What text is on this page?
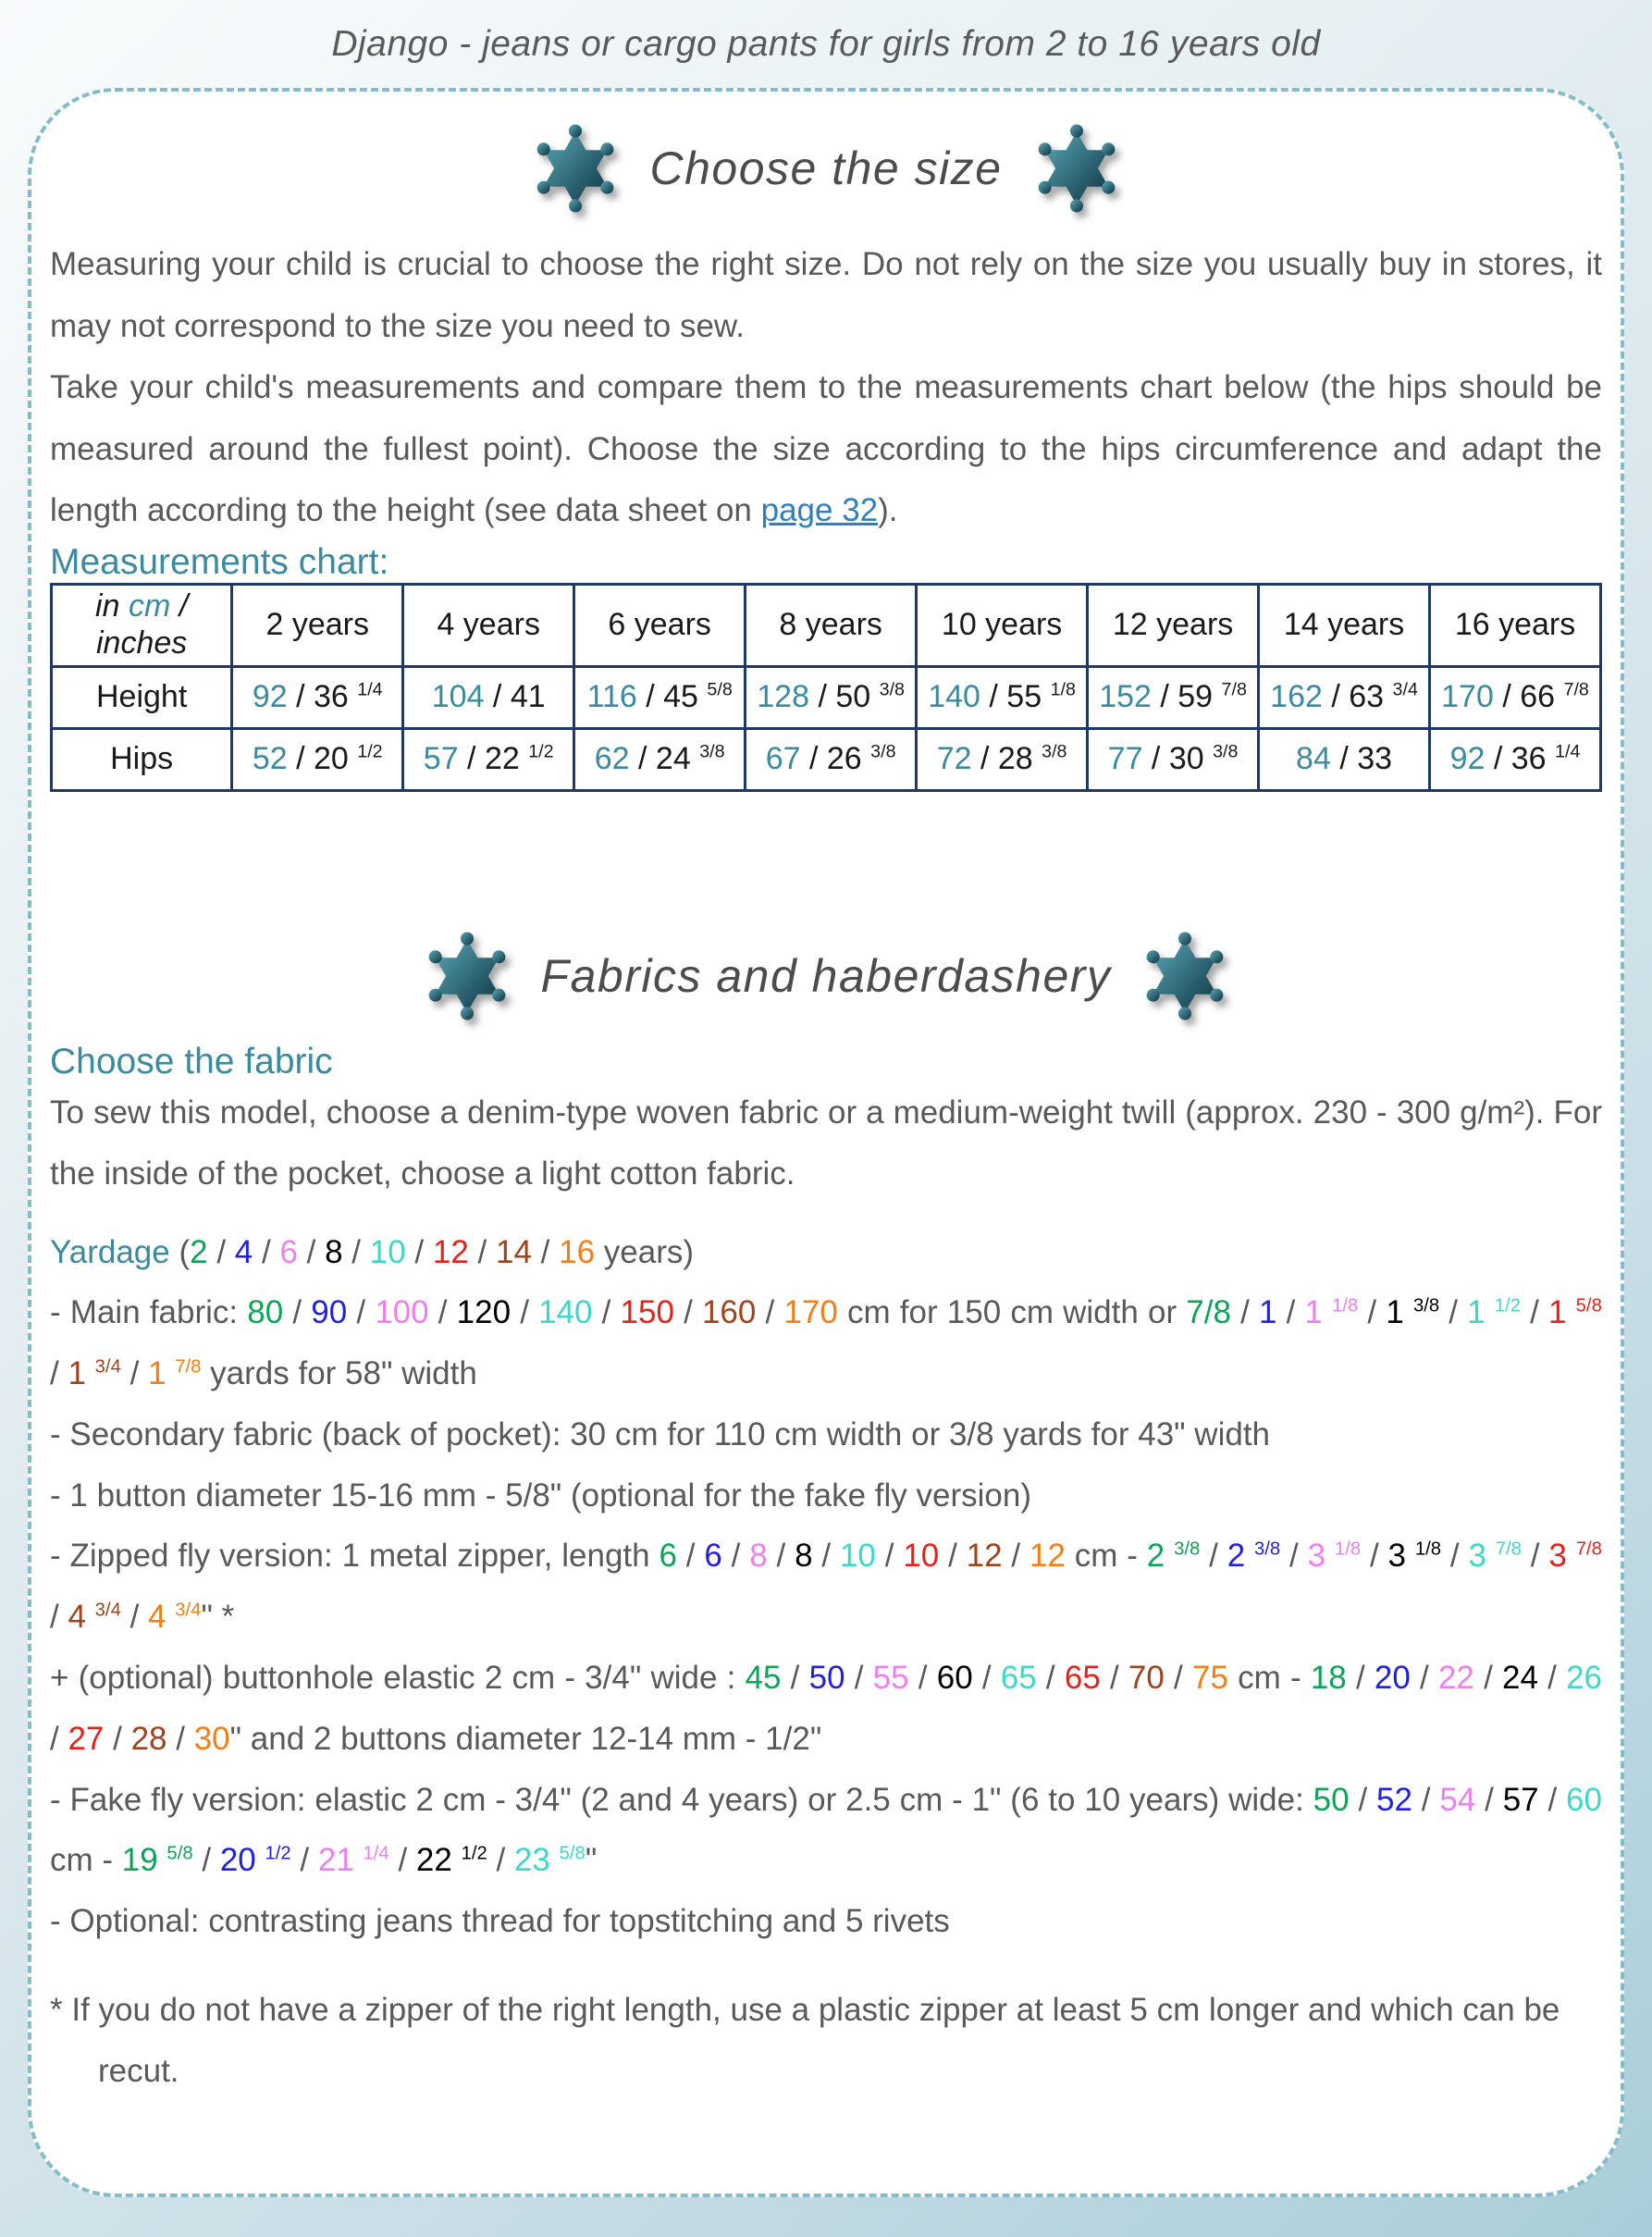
Django - jeans or cargo pants for girls from 2 to 16 years old
Choose the size

Measuring your child is crucial to choose the right size. Do not rely on the size you usually buy in stores, it may not correspond to the size you need to sew.

Take your child's measurements and compare them to the measurements chart below (the hips should be measured around the fullest point). Choose the size according to the hips circumference and adapt the length according to the height (see data sheet on page 32).

Measurements chart:
in cm /
inches	2 years	4 years	6 years	8 years	10 years	12 years	14 years	16 years
Height	92 / 36 $^{1/4}$	104 / 41	116 / 45 $^{5/8}$	128 / 50 $^{3/8}$	140 / 55 $^{1/8}$	152 / 59 $^{7/8}$	162 / 63 $^{3/4}$	170 / 66 $^{7/8}$
Hips	52 / 20 $^{1/2}$	57 / 22 $^{1/2}$	62 / 24 $^{3/8}$	67 / 26 $^{3/8}$	72 / 28 $^{3/8}$	77 / 30 $^{3/8}$	84 / 33	92 / 36 $^{1/4}$
Fabrics and haberdashery
Choose the fabric

To sew this model, choose a denim-type woven fabric or a medium-weight twill (approx. 230 - 300 g/m²). For the inside of the pocket, choose a light cotton fabric.

Yardage (2 / 4 / 6 / 8 / 10 / 12 / 14 / 16 years)

- Main fabric: 80 / 90 / 100 / 120 / 140 / 150 / 160 / 170 cm for 150 cm width or 7/8 / 1 / 1 $^{1/8}$ / 1 $^{3/8}$ / 1 $^{1/2}$ / 1 $^{5/8}$ / 1 $^{3/4}$ / 1 $^{7/8}$ yards for 58" width

- Secondary fabric (back of pocket): 30 cm for 110 cm width or 3/8 yards for 43" width

- 1 button diameter 15-16 mm - 5/8" (optional for the fake fly version)

- Zipped fly version: 1 metal zipper, length 6 / 6 / 8 / 8 / 10 / 10 / 12 / 12 cm - 2 $^{3/8}$ / 2 $^{3/8}$ / 3 $^{1/8}$ / 3 $^{1/8}$ / 3 $^{7/8}$ / 3 $^{7/8}$ / 4 $^{3/4}$ / 4 $^{3/4}$" *

+ (optional) buttonhole elastic 2 cm - 3/4" wide : 45 / 50 / 55 / 60 / 65 / 65 / 70 / 75 cm - 18 / 20 / 22 / 24 / 26 / 27 / 28 / 30" and 2 buttons diameter 12-14 mm - 1/2"

- Fake fly version: elastic 2 cm - 3/4" (2 and 4 years) or 2.5 cm - 1" (6 to 10 years) wide: 50 / 52 / 54 / 57 / 60 cm - 19 $^{5/8}$ / 20 $^{1/2}$ / 21 $^{1/4}$ / 22 $^{1/2}$ / 23 $^{5/8}$"

- Optional: contrasting jeans thread for topstitching and 5 rivets

* If you do not have a zipper of the right length, use a plastic zipper at least 5 cm longer and which can be recut.
